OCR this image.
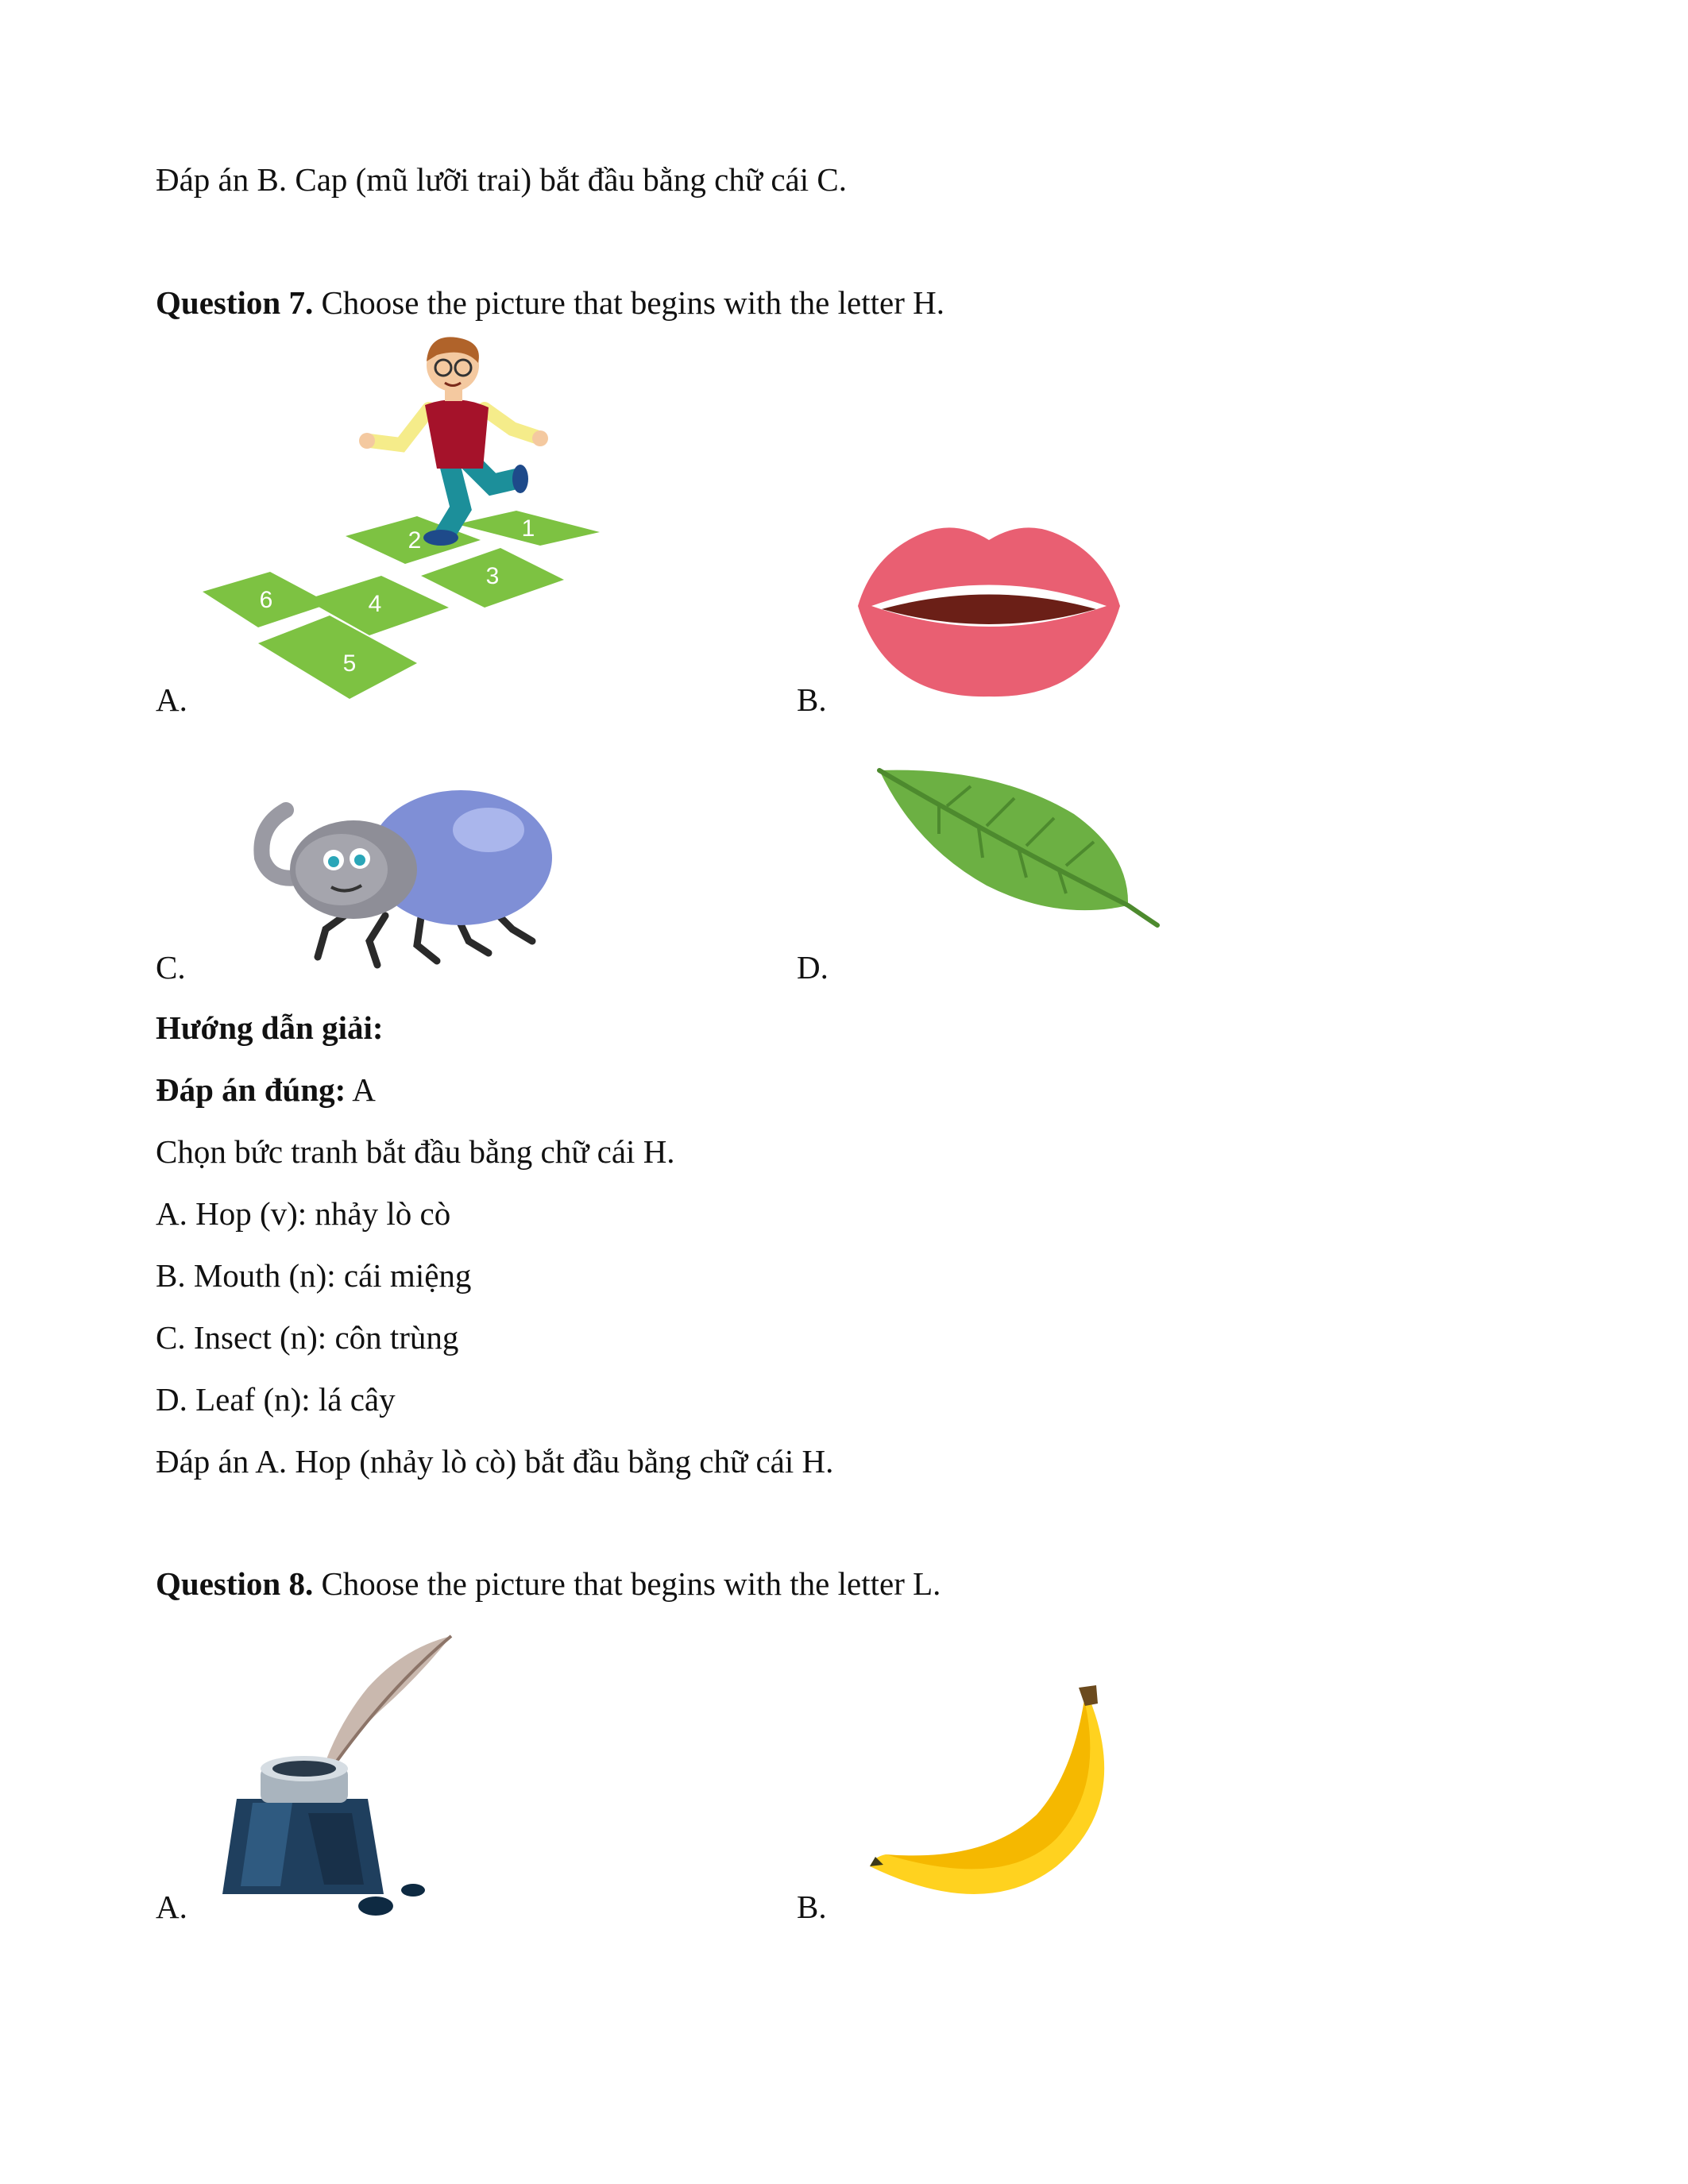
Đáp án B. Cap (mũ lưỡi trai) bắt đầu bằng chữ cái C.

Question 7. Choose the picture that begins with the letter H.

1
2
3
4
5
6

A.	B.

C.	D.

Hướng dẫn giải:

Đáp án đúng: A

Chọn bức tranh bắt đầu bằng chữ cái H.

A. Hop (v): nhảy lò cò

B. Mouth (n): cái miệng

C. Insect (n): côn trùng

D. Leaf (n): lá cây

Đáp án A. Hop (nhảy lò cò) bắt đầu bằng chữ cái H.

Question 8. Choose the picture that begins with the letter L.

A.	B.
